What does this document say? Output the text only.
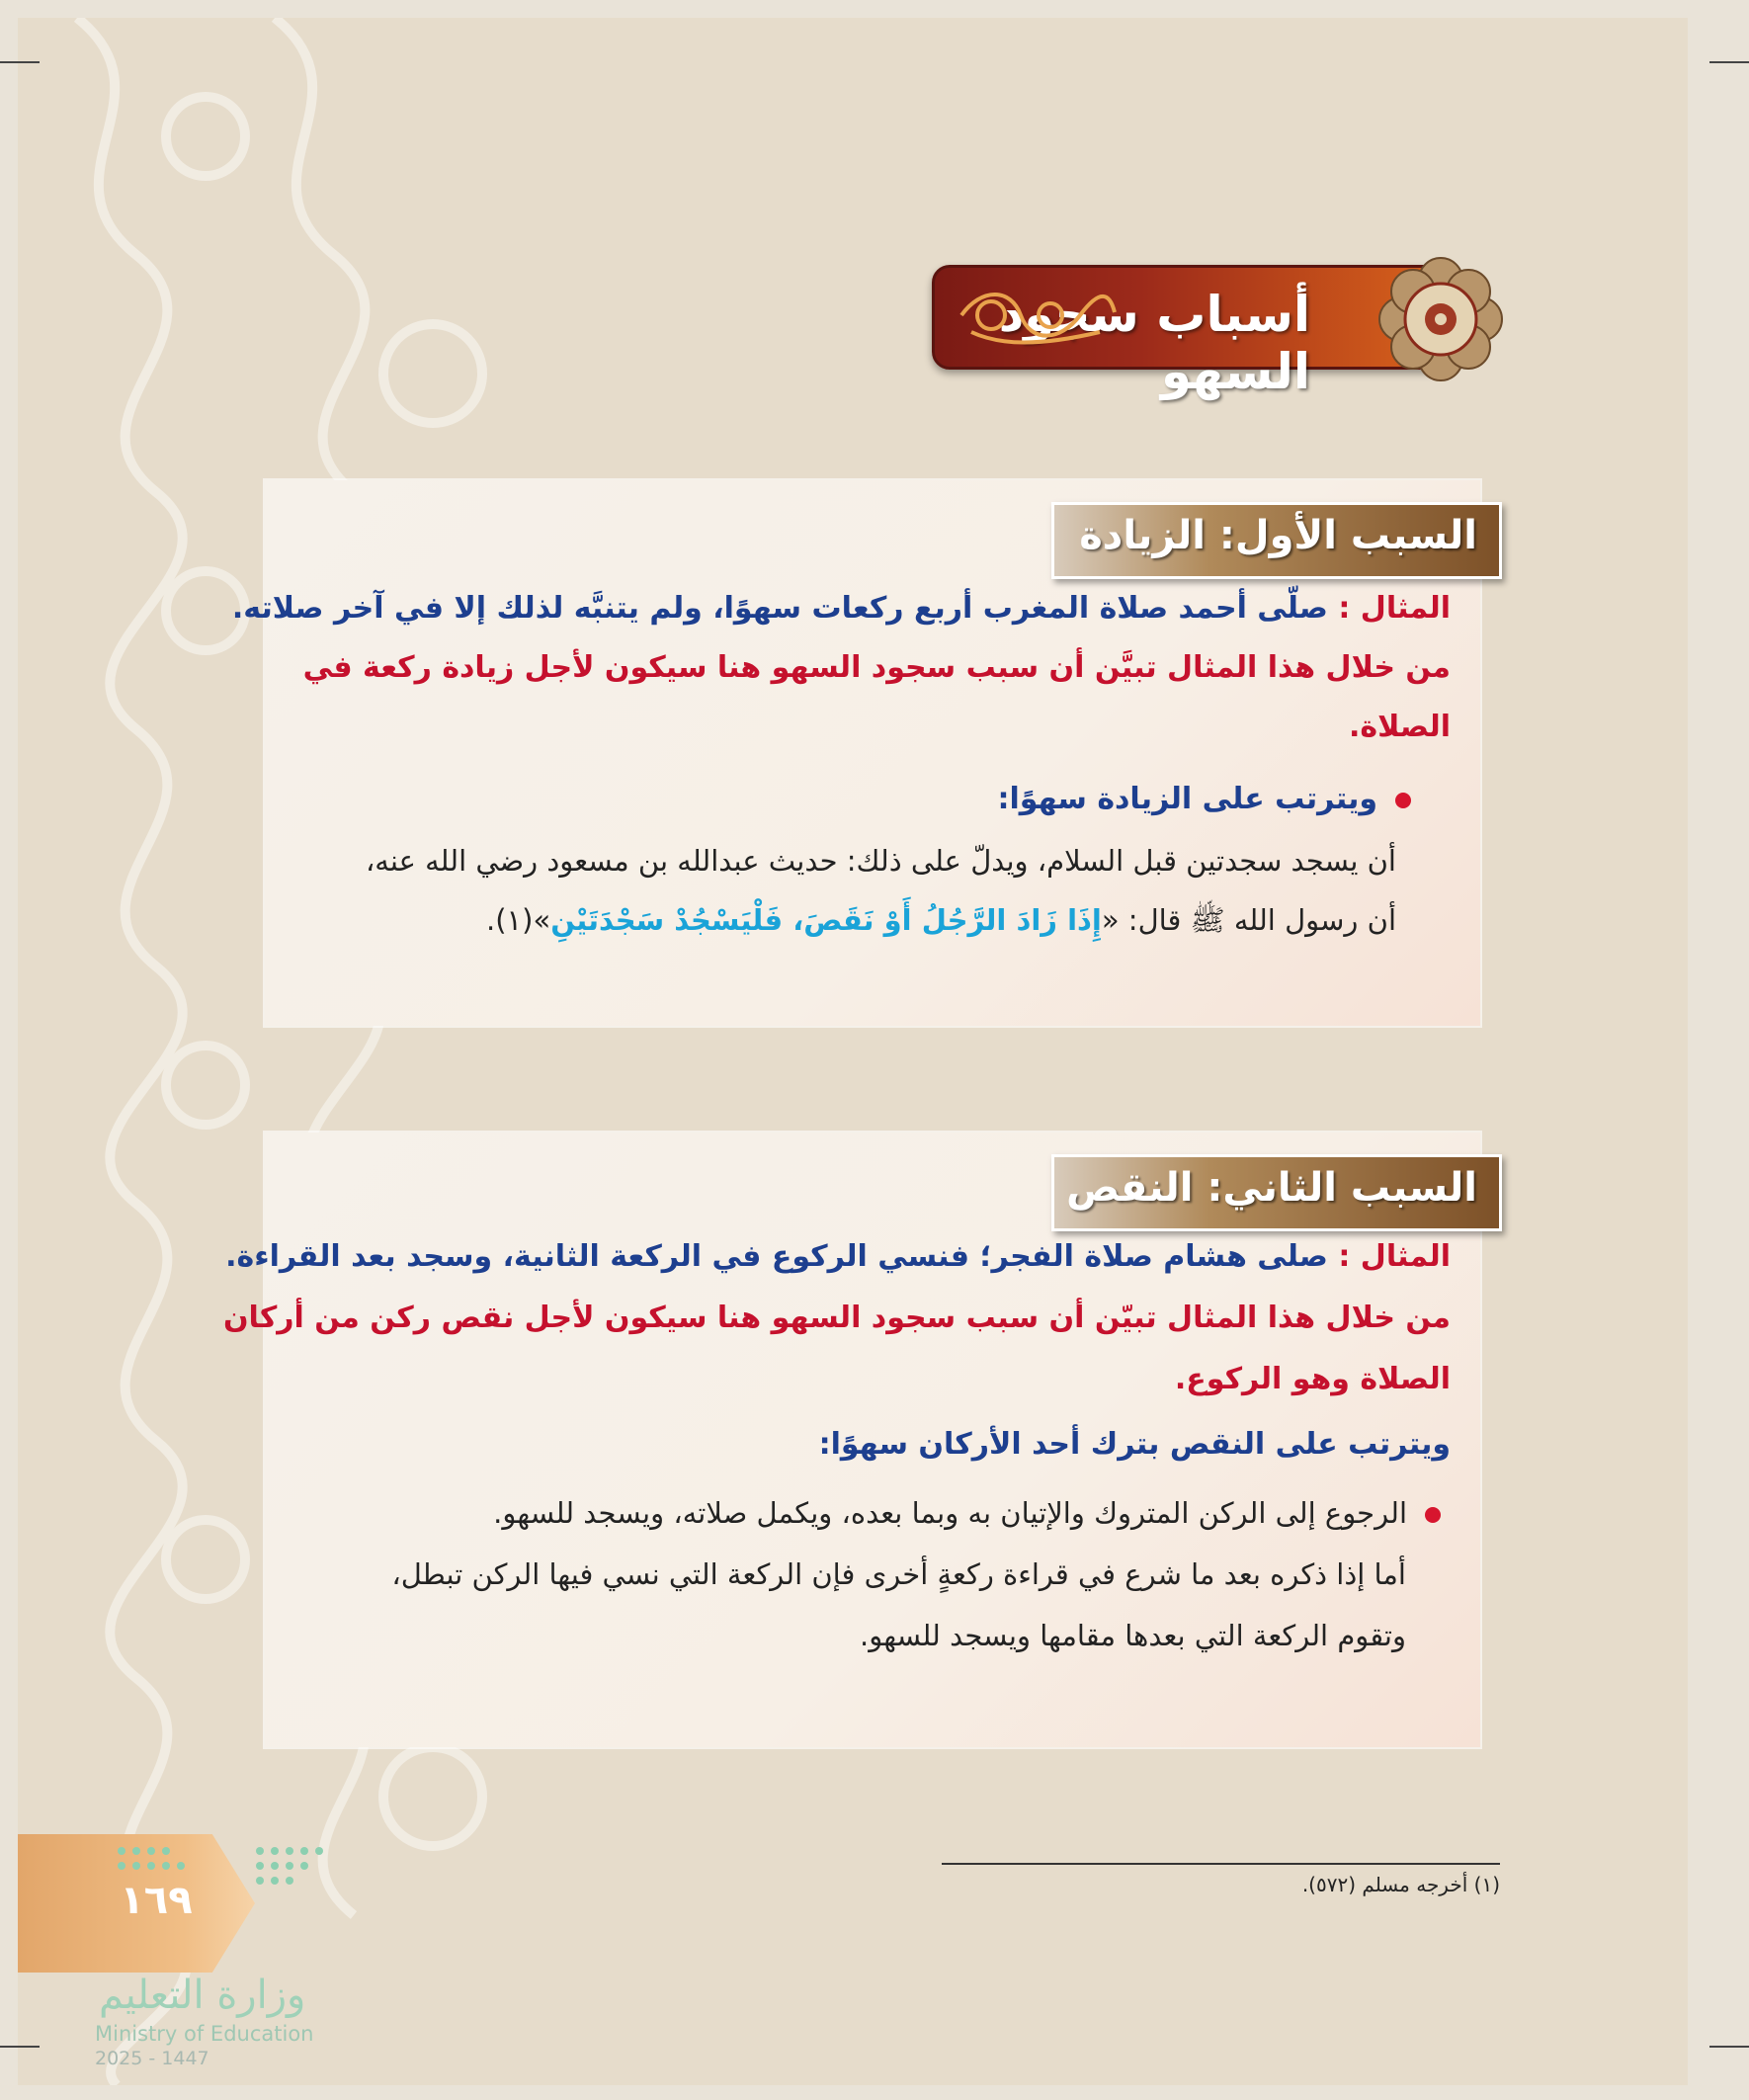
أسباب سجود السهو
السبب الأول: الزيادة
المثال : صلّى أحمد صلاة المغرب أربع ركعات سهوًا، ولم يتنبَّه لذلك إلا في آخر صلاته.
من خلال هذا المثال تبيَّن أن سبب سجود السهو هنا سيكون لأجل زيادة ركعة في
الصلاة.
ويترتب على الزيادة سهوًا:
أن يسجد سجدتين قبل السلام، ويدلّ على ذلك: حديث عبدالله بن مسعود رضي الله عنه،
أن رسول الله ﷺ قال: «إِذَا زَادَ الرَّجُلُ أَوْ نَقَصَ، فَلْيَسْجُدْ سَجْدَتَيْنِ»(١).
السبب الثاني: النقص
المثال : صلى هشام صلاة الفجر؛ فنسي الركوع في الركعة الثانية، وسجد بعد القراءة.
من خلال هذا المثال تبيّن أن سبب سجود السهو هنا سيكون لأجل نقص ركن من أركان
الصلاة وهو الركوع.
ويترتب على النقص بترك أحد الأركان سهوًا:
الرجوع إلى الركن المتروك والإتيان به وبما بعده، ويكمل صلاته، ويسجد للسهو.
أما إذا ذكره بعد ما شرع في قراءة ركعةٍ أخرى فإن الركعة التي نسي فيها الركن تبطل،
وتقوم الركعة التي بعدها مقامها ويسجد للسهو.
(١) أخرجه مسلم (٥٧٢).
١٦٩
وزارة التعليم
Ministry of Education
2025 - 1447
